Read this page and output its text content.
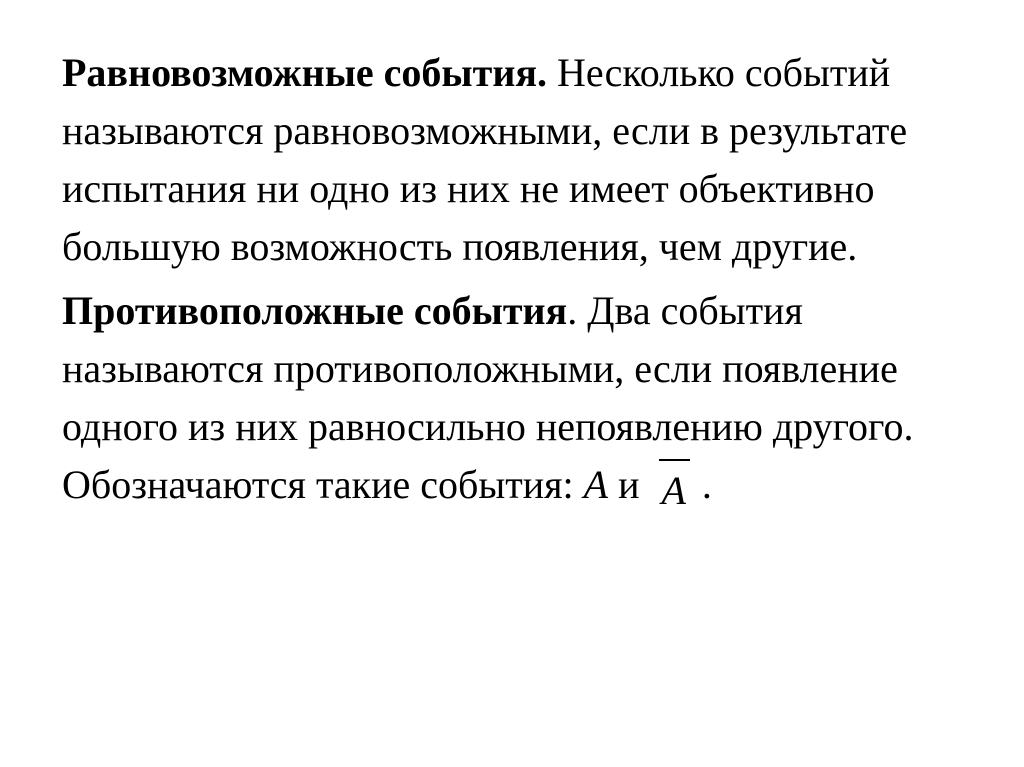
Равновозможные события. Несколько событий называются равновозможными, если в результате испытания ни одно из них не имеет объективно большую возможность появления, чем другие.

Противоположные события. Два события называются противоположными, если появление одного из них равносильно непоявлению другого. Обозначаются такие события: A и A .
